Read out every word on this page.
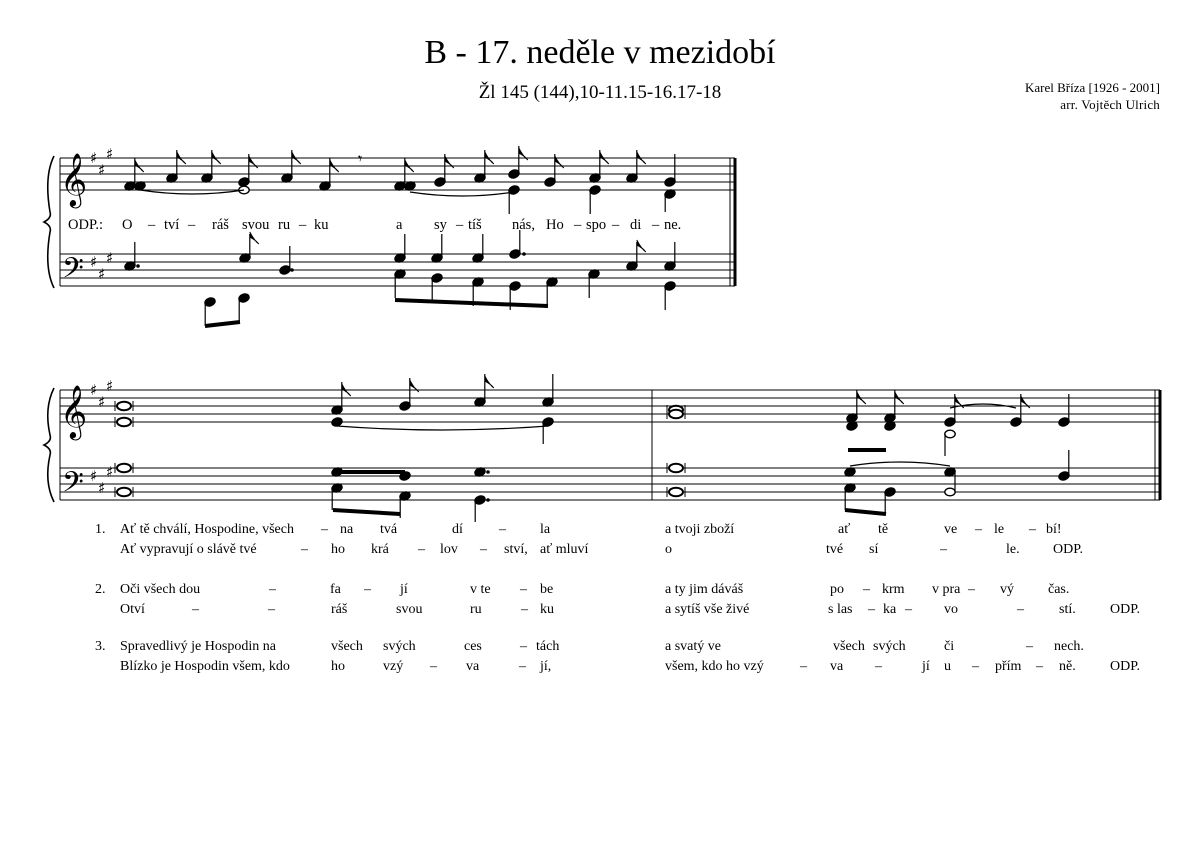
B - 17. neděle v mezidobí
Žl 145 (144),10-11.15-16.17-18	Karel Bříza [1926 - 2001]
arr. Vojtěch Ulrich
𝄞
𝄢
♯
♯
♯
♯
♯
♯
𝄾
𝄞
𝄢
♯
♯
♯
♯
♯
♯
ODP.: O – tví – ráš svou ru – ku	a sy – tíš nás, Ho – spo – di – ne.
1. Ať tě chválí, Hospodine, všech – na tvá	dí	– la	a tvoji zboží	ať tě	ve – le – bí!
Ať vypravují o slávě tvé	– ho krá – lov – ství, ať mluví	o	tvé sí	–	le. ODP.
2. Oči všech dou	–	fa – jí	v te – be	a ty jim dáváš	po – krm v pra – vý čas.
Otví	–	–	ráš	svou	ru	– ku	a sytíš vše živé	s las – ka – vo	–	stí. ODP.
3. Spravedlivý je Hospodin na	všech svých	ces	– tách	a svatý ve	všech svých	či	– nech.
Blízko je Hospodin všem, kdo	ho	vzý – va	– jí,	všem, kdo ho vzý	– va –	jí u – přím – ně. ODP.
